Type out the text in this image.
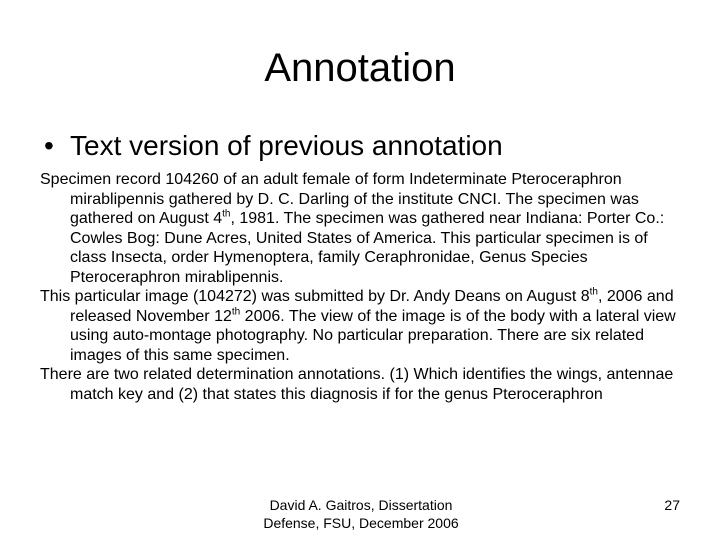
Annotation
• Text version of previous annotation

Specimen record 104260 of an adult female of form Indeterminate Pteroceraphron mirablipennis gathered by D. C. Darling of the institute CNCI. The specimen was gathered on August 4th, 1981. The specimen was gathered near Indiana: Porter Co.: Cowles Bog: Dune Acres, United States of America. This particular specimen is of class Insecta, order Hymenoptera, family Ceraphronidae, Genus Species Pteroceraphron mirablipennis.

This particular image (104272) was submitted by Dr. Andy Deans on August 8th, 2006 and released November 12th 2006. The view of the image is of the body with a lateral view using auto-montage photography. No particular preparation. There are six related images of this same specimen.

There are two related determination annotations. (1) Which identifies the wings, antennae match key and (2) that states this diagnosis if for the genus Pteroceraphron

David A. Gaitros, Dissertation
Defense, FSU, December 2006
27
